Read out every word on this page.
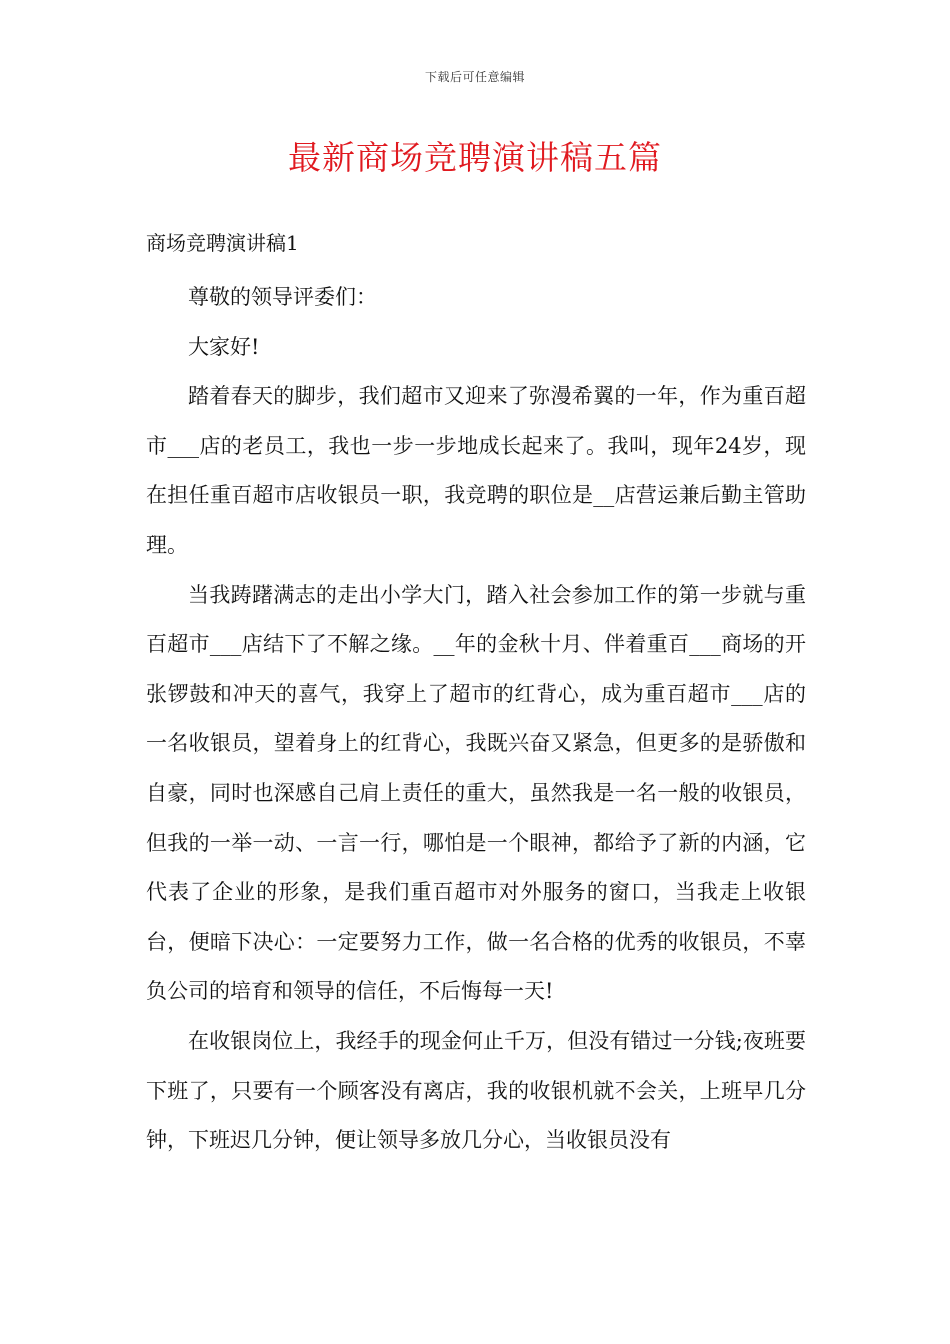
下载后可任意编辑
最新商场竞聘演讲稿五篇
商场竞聘演讲稿1

尊敬的领导评委们：

大家好!

踏着春天的脚步，我们超市又迎来了弥漫希翼的一年，作为重百超市___店的老员工，我也一步一步地成长起来了。我叫，现年24岁，现在担任重百超市店收银员一职，我竞聘的职位是__店营运兼后勤主管助理。

当我踌躇满志的走出小学大门，踏入社会参加工作的第一步就与重百超市___店结下了不解之缘。__年的金秋十月、伴着重百___商场的开张锣鼓和冲天的喜气，我穿上了超市的红背心，成为重百超市___店的一名收银员，望着身上的红背心，我既兴奋又紧急，但更多的是骄傲和自豪，同时也深感自己肩上责任的重大，虽然我是一名一般的收银员，但我的一举一动、一言一行，哪怕是一个眼神，都给予了新的内涵，它代表了企业的形象，是我们重百超市对外服务的窗口，当我走上收银台，便暗下决心：一定要努力工作，做一名合格的优秀的收银员，不辜负公司的培育和领导的信任，不后悔每一天!

在收银岗位上，我经手的现金何止千万，但没有错过一分钱;夜班要下班了，只要有一个顾客没有离店，我的收银机就不会关，上班早几分钟，下班迟几分钟，便让领导多放几分心，当收银员没有
